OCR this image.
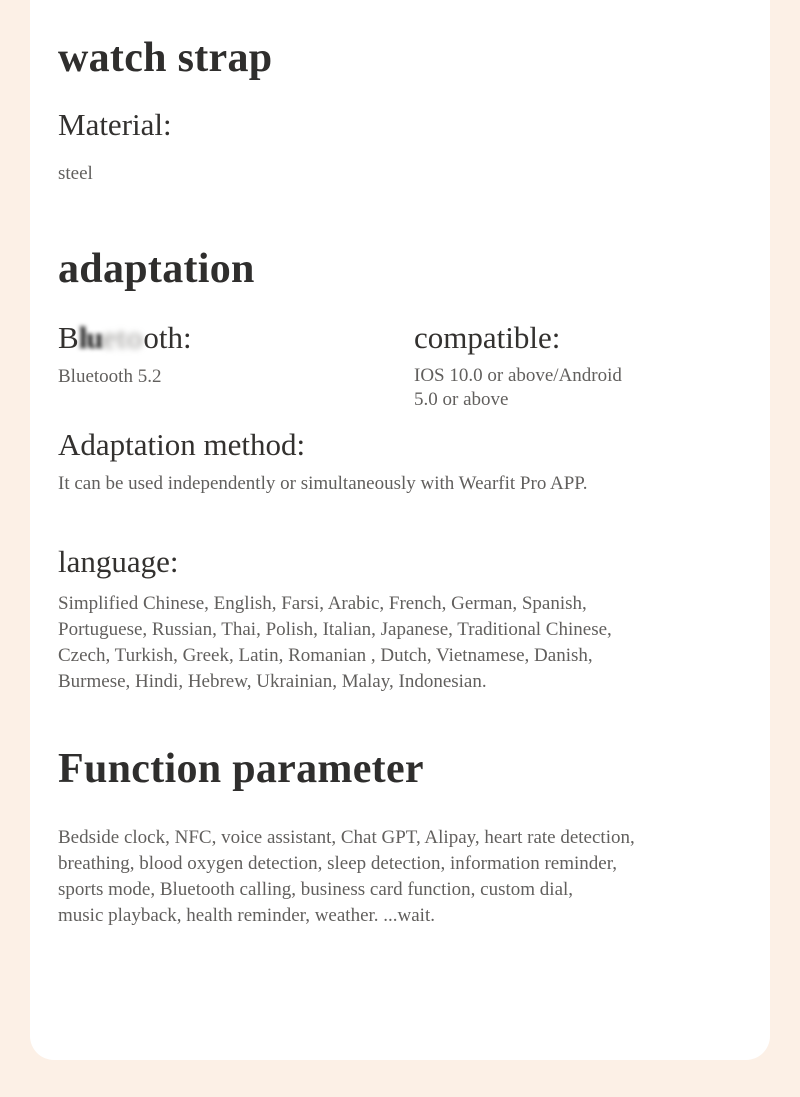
watch strap
Material:

steel

adaptation
Bluetooth:

Bluetooth 5.2

compatible:
IOS 10.0 or above/Android
5.0 or above
Adaptation method:

It can be used independently or simultaneously with Wearfit Pro APP.

language:
Simplified Chinese, English, Farsi, Arabic, French, German, Spanish,
Portuguese, Russian, Thai, Polish, Italian, Japanese, Traditional Chinese,
Czech, Turkish, Greek, Latin, Romanian , Dutch, Vietnamese, Danish,
Burmese, Hindi, Hebrew, Ukrainian, Malay, Indonesian.
Function parameter
Bedside clock, NFC, voice assistant, Chat GPT, Alipay, heart rate detection,
breathing, blood oxygen detection, sleep detection, information reminder,
sports mode, Bluetooth calling, business card function, custom dial,
music playback, health reminder, weather. ...wait.
